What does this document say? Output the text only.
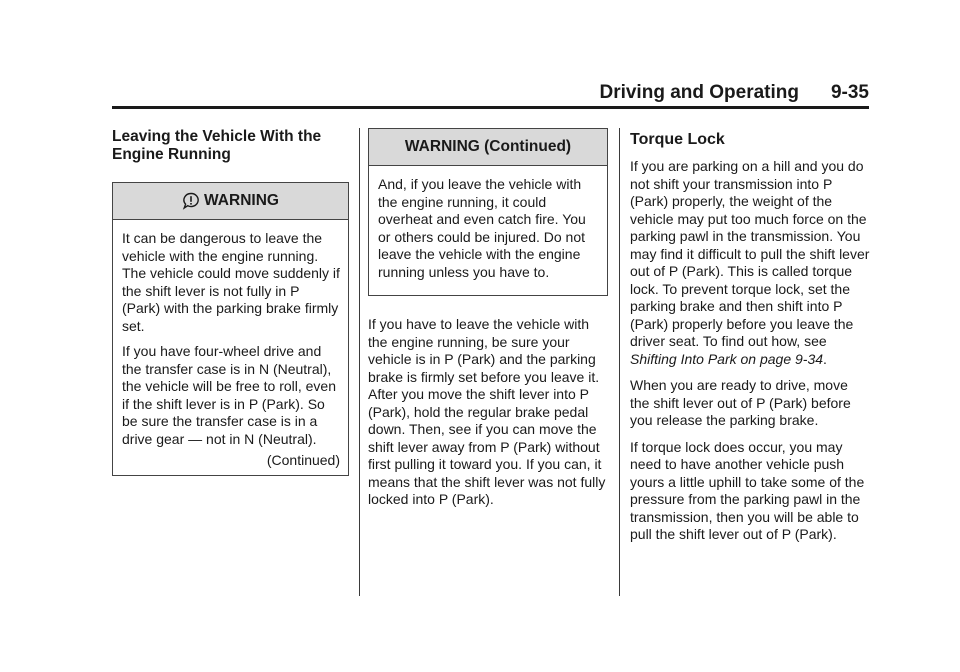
Driving and Operating 9-35
Leaving the Vehicle With the Engine Running
WARNING

It can be dangerous to leave the vehicle with the engine running. The vehicle could move suddenly if the shift lever is not fully in P (Park) with the parking brake firmly set.

If you have four-wheel drive and the transfer case is in N (Neutral), the vehicle will be free to roll, even if the shift lever is in P (Park). So be sure the transfer case is in a drive gear — not in N (Neutral).

(Continued)
WARNING (Continued)

And, if you leave the vehicle with the engine running, it could overheat and even catch fire. You or others could be injured. Do not leave the vehicle with the engine running unless you have to.

If you have to leave the vehicle with the engine running, be sure your vehicle is in P (Park) and the parking brake is firmly set before you leave it. After you move the shift lever into P (Park), hold the regular brake pedal down. Then, see if you can move the shift lever away from P (Park) without first pulling it toward you. If you can, it means that the shift lever was not fully locked into P (Park).

Torque Lock

If you are parking on a hill and you do not shift your transmission into P (Park) properly, the weight of the vehicle may put too much force on the parking pawl in the transmission. You may find it difficult to pull the shift lever out of P (Park). This is called torque lock. To prevent torque lock, set the parking brake and then shift into P (Park) properly before you leave the driver seat. To find out how, see Shifting Into Park on page 9-34.

When you are ready to drive, move the shift lever out of P (Park) before you release the parking brake.

If torque lock does occur, you may need to have another vehicle push yours a little uphill to take some of the pressure from the parking pawl in the transmission, then you will be able to pull the shift lever out of P (Park).
